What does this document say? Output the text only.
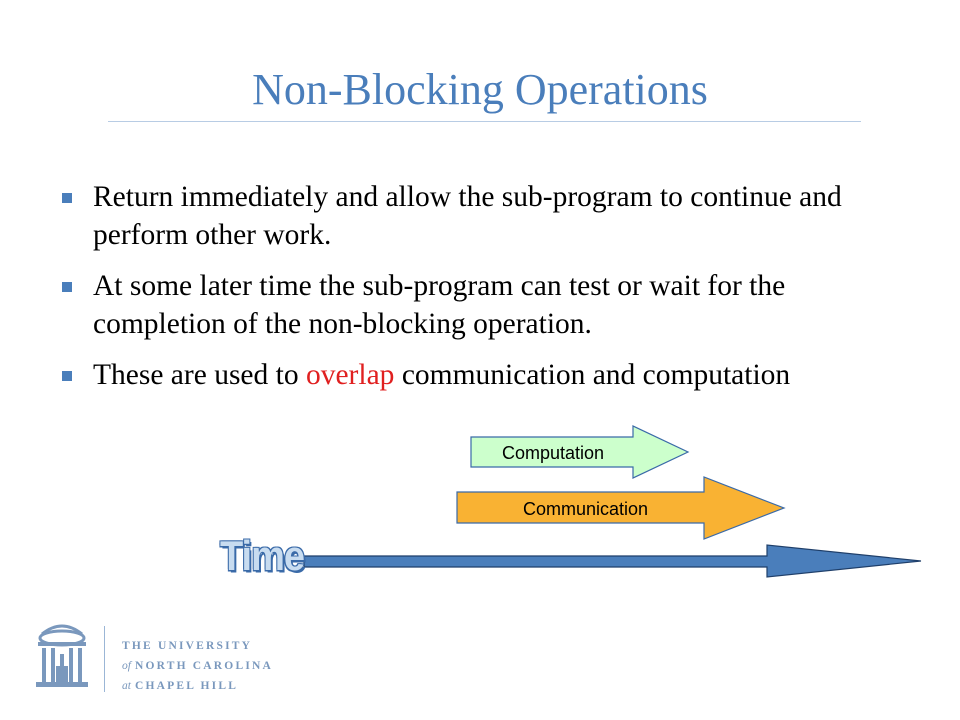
Non-Blocking Operations
Return immediately and allow the sub-program to continue and perform other work.
At some later time the sub-program can test or wait for the completion of the non-blocking operation.
These are used to overlap communication and computation
Computation
Communication
Time
THE UNIVERSITY
of NORTH CAROLINA
at CHAPEL HILL
